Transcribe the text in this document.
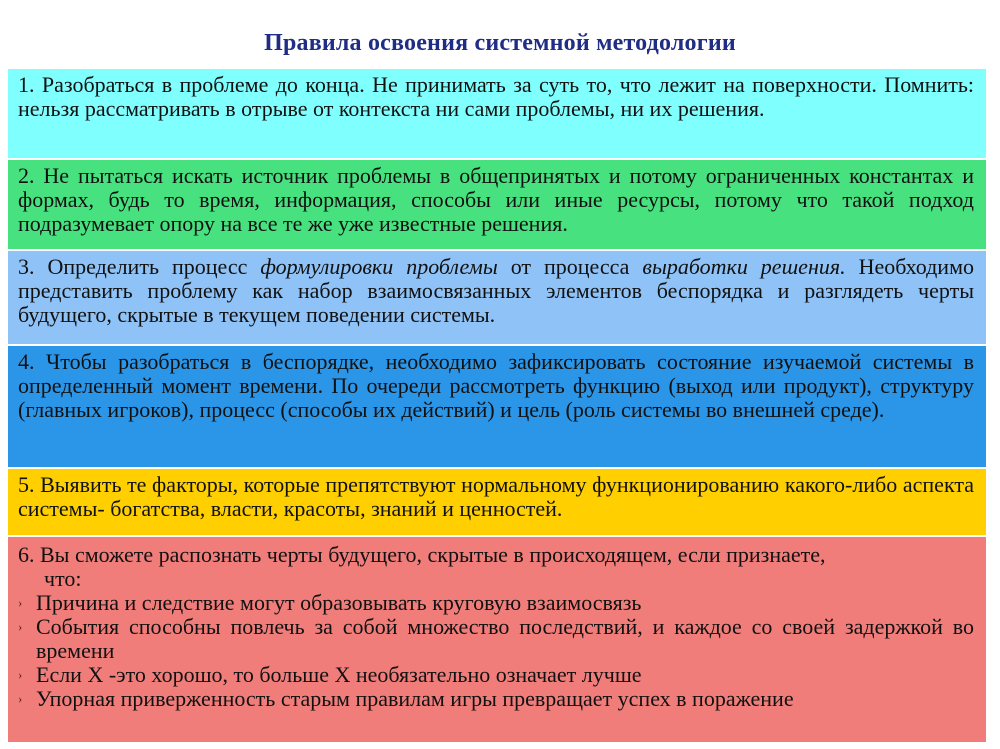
Правила освоения системной методологии
1. Разобраться в проблеме до конца. Не принимать за суть то, что лежит на поверхности. Помнить: нельзя рассматривать в отрыве от контекста ни сами проблемы, ни их решения.
2. Не пытаться искать источник проблемы в общепринятых и потому ограниченных константах и формах, будь то время, информация, способы или иные ресурсы, потому что такой подход подразумевает опору на все те же уже известные решения.
3. Определить процесс формулировки проблемы от процесса выработки решения. Необходимо представить проблему как набор взаимосвязанных элементов беспорядка и разглядеть черты будущего, скрытые в текущем поведении системы.
4. Чтобы разобраться в беспорядке, необходимо зафиксировать состояние изучаемой системы в определенный момент времени. По очереди рассмотреть функцию (выход или продукт), структуру (главных игроков), процесс (способы их действий) и цель (роль системы во внешней среде).
5. Выявить те факторы, которые препятствуют нормальному функционированию какого-либо аспекта системы- богатства, власти, красоты, знаний и ценностей.
6. Вы сможете распознать черты будущего, скрытые в происходящем, если признаете,
что:
› Причина и следствие могут образовывать круговую взаимосвязь
› События способны повлечь за собой множество последствий, и каждое со своей задержкой во времени
› Если Х -это хорошо, то больше Х необязательно означает лучше
› Упорная приверженность старым правилам игры превращает успех в поражение
